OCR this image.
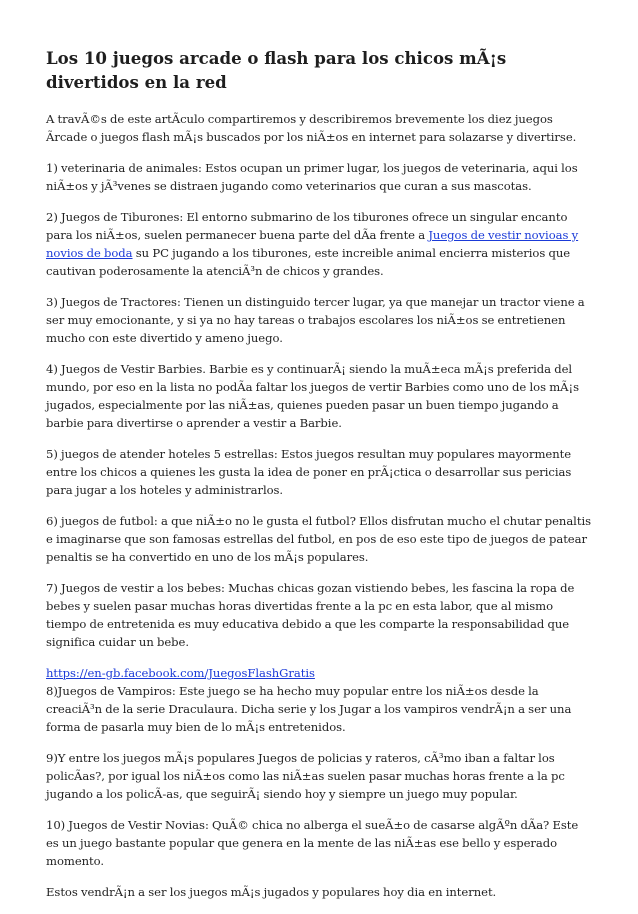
Los 10 juegos arcade o flash para los chicos mÃ¡s divertidos en la red

A travÃ©s de este artÃculo compartiremos y describiremos brevemente los diez juegos Ãrcade o juegos flash mÃ¡s buscados por los niÃ±os en internet para solazarse y divertirse.

1) veterinaria de animales: Estos ocupan un primer lugar, los juegos de veterinaria, aqui los niÃ±os y jÃ³venes se distraen jugando como veterinarios que curan a sus mascotas.

2) Juegos de Tiburones: El entorno submarino de los tiburones ofrece un singular encanto para los niÃ±os, suelen permanecer buena parte del dÃa frente a Juegos de vestir novioas y novios de boda su PC jugando a los tiburones, este increible animal encierra misterios que cautivan poderosamente la atenciÃ³n de chicos y grandes.

3) Juegos de Tractores: Tienen un distinguido tercer lugar, ya que manejar un tractor viene a ser muy emocionante, y si ya no hay tareas o trabajos escolares los niÃ±os se entretienen mucho con este divertido y ameno juego.

4) Juegos de Vestir Barbies. Barbie es y continuarÃ¡ siendo la muÃ±eca mÃ¡s preferida del mundo, por eso en la lista no podÃa faltar los juegos de vertir Barbies como uno de los mÃ¡s jugados, especialmente por las niÃ±as, quienes pueden pasar un buen tiempo jugando a barbie para divertirse o aprender a vestir a Barbie.

5) juegos de atender hoteles 5 estrellas: Estos juegos resultan muy populares mayormente entre los chicos a quienes les gusta la idea de poner en prÃ¡ctica o desarrollar sus pericias para jugar a los hoteles y administrarlos.

6) juegos de futbol: a que niÃ±o no le gusta el futbol? Ellos disfrutan mucho el chutar penaltis e imaginarse que son famosas estrellas del futbol, en pos de eso este tipo de juegos de patear penaltis se ha convertido en uno de los mÃ¡s populares.

7) Juegos de vestir a los bebes: Muchas chicas gozan vistiendo bebes, les fascina la ropa de bebes y suelen pasar muchas horas divertidas frente a la pc en esta labor, que al mismo tiempo de entretenida es muy educativa debido a que les comparte la responsabilidad que significa cuidar un bebe.

https://en-gb.facebook.com/JuegosFlashGratis

8)Juegos de Vampiros: Este juego se ha hecho muy popular entre los niÃ±os desde la creaciÃ³n de la serie Draculaura. Dicha serie y los Jugar a los vampiros vendrÃ¡n a ser una forma de pasarla muy bien de lo mÃ¡s entretenidos.

9)Y entre los juegos mÃ¡s populares Juegos de policias y rateros, cÃ³mo iban a faltar los policÃas?, por igual los niÃ±os como las niÃ±as suelen pasar muchas horas frente a la pc jugando a los policÃ-as, que seguirÃ¡ siendo hoy y siempre un juego muy popular.

10) Juegos de Vestir Novias: QuÃ© chica no alberga el sueÃ±o de casarse algÃºn dÃa? Este es un juego bastante popular que genera en la mente de las niÃ±as ese bello y esperado momento.

Estos vendrÃ¡n a ser los juegos mÃ¡s jugados y populares hoy dia en internet.
